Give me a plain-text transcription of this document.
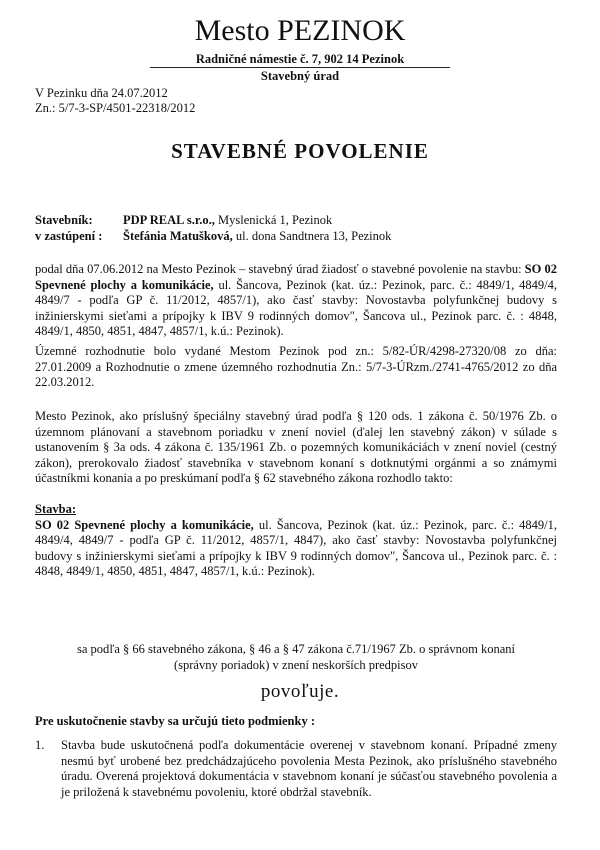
Mesto PEZINOK
Radničné námestie č. 7, 902 14 Pezinok
Stavebný úrad
V Pezinku dňa 24.07.2012
Zn.: 5/7-3-SP/4501-22318/2012
STAVEBNÉ POVOLENIE
Stavebník: PDP REAL s.r.o., Myslenická 1, Pezinok
v zastúpení : Štefánia Matušková, ul. dona Sandtnera 13, Pezinok
podal dňa 07.06.2012 na Mesto Pezinok – stavebný úrad žiadosť o stavebné povolenie na stavbu: SO 02 Spevnené plochy a komunikácie, ul. Šancova, Pezinok (kat. úz.: Pezinok, parc. č.: 4849/1, 4849/4, 4849/7 - podľa GP č. 11/2012, 4857/1), ako časť stavby: Novostavba polyfunkčnej budovy s inžinierskymi sieťami a prípojky k IBV 9 rodinných domov", Šancova ul., Pezinok parc. č. : 4848, 4849/1, 4850, 4851, 4847, 4857/1, k.ú.: Pezinok).
Územné rozhodnutie bolo vydané Mestom Pezinok pod zn.: 5/82-ÚR/4298-27320/08 zo dňa: 27.01.2009 a Rozhodnutie o zmene územného rozhodnutia Zn.: 5/7-3-ÚRzm./2741-4765/2012 zo dňa 22.03.2012.
Mesto Pezinok, ako príslušný špeciálny stavebný úrad podľa § 120 ods. 1 zákona č. 50/1976 Zb. o územnom plánovaní a stavebnom poriadku v znení noviel (ďalej len stavebný zákon) v súlade s ustanovením § 3a ods. 4 zákona č. 135/1961 Zb. o pozemných komunikáciách v znení noviel (cestný zákon), prerokovalo žiadosť stavebníka v stavebnom konaní s dotknutými orgánmi a so známymi účastníkmi konania a po preskúmaní podľa § 62 stavebného zákona rozhodlo takto:
Stavba:
SO 02 Spevnené plochy a komunikácie, ul. Šancova, Pezinok (kat. úz.: Pezinok, parc. č.: 4849/1, 4849/4, 4849/7 - podľa GP č. 11/2012, 4857/1, 4847), ako časť stavby: Novostavba polyfunkčnej budovy s inžinierskymi sieťami a prípojky k IBV 9 rodinných domov", Šancova ul., Pezinok parc. č. : 4848, 4849/1, 4850, 4851, 4847, 4857/1, k.ú.: Pezinok).
sa podľa § 66 stavebného zákona, § 46 a § 47 zákona č.71/1967 Zb. o správnom konaní
(správny poriadok) v znení neskorších predpisov
povoľuje.
Pre uskutočnenie stavby sa určujú tieto podmienky :
1.	Stavba bude uskutočnená podľa dokumentácie overenej v stavebnom konaní. Prípadné zmeny nesmú byť urobené bez predchádzajúceho povolenia Mesta Pezinok, ako príslušného stavebného úradu. Overená projektová dokumentácia v stavebnom konaní je súčasťou stavebného povolenia a je priložená k stavebnému povoleniu, ktoré obdržal stavebník.
